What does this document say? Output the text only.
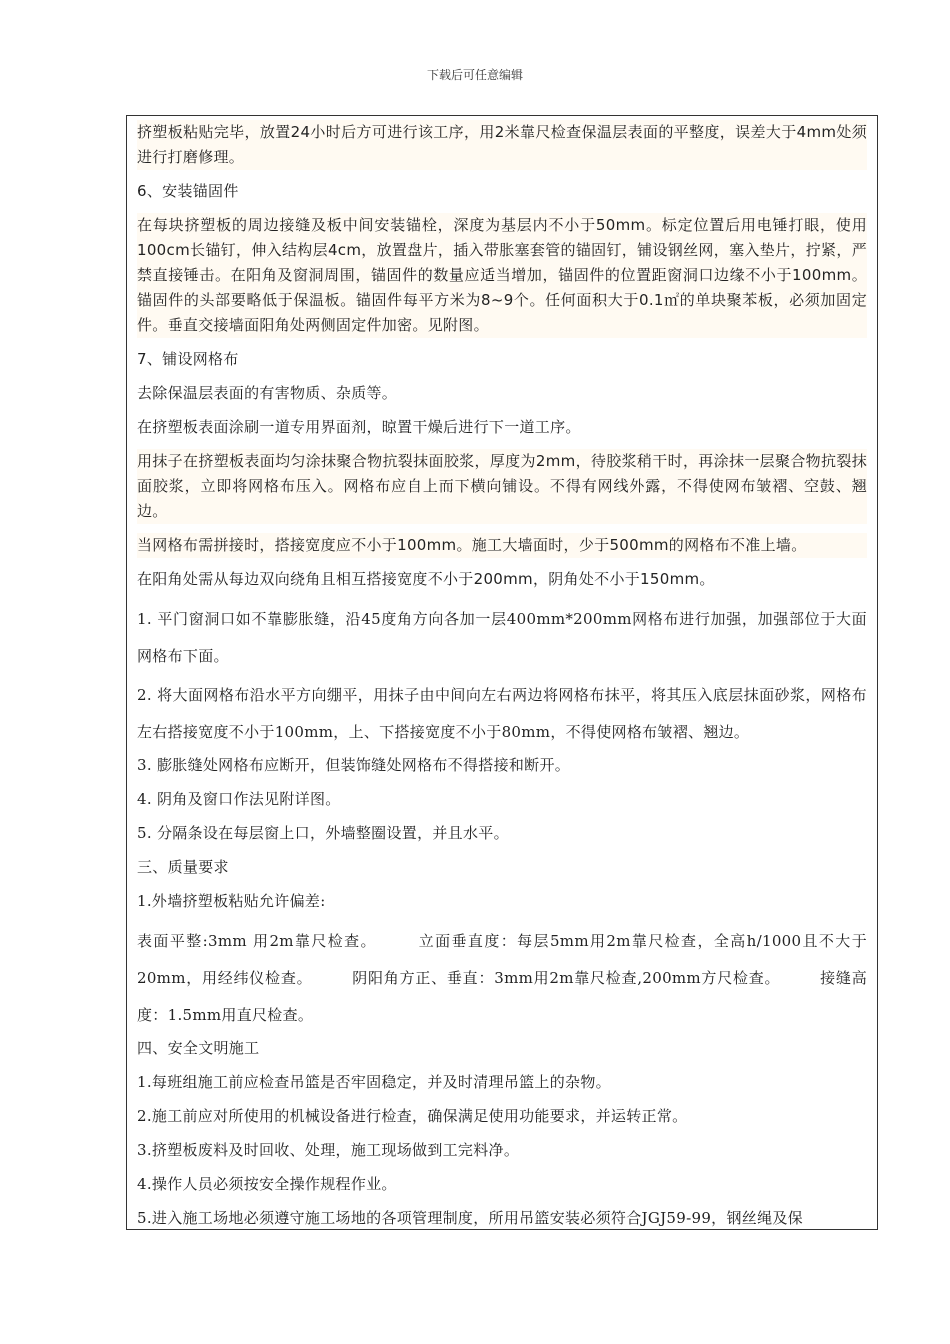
下载后可任意编辑

挤塑板粘贴完毕，放置24小时后方可进行该工序，用2米靠尺检查保温层表面的平整度，误差大于4mm处须进行打磨修理。

6、安装锚固件

在每块挤塑板的周边接缝及板中间安装锚栓，深度为基层内不小于50mm。标定位置后用电锤打眼，使用100cm长锚钉，伸入结构层4cm，放置盘片，插入带胀塞套管的锚固钉，铺设钢丝网，塞入垫片，拧紧，严禁直接锤击。在阳角及窗洞周围，锚固件的数量应适当增加，锚固件的位置距窗洞口边缘不小于100mm。锚固件的头部要略低于保温板。锚固件每平方米为8~9个。任何面积大于0.1㎡的单块聚苯板，必须加固定件。垂直交接墙面阳角处两侧固定件加密。见附图。

7、铺设网格布

去除保温层表面的有害物质、杂质等。

在挤塑板表面涂刷一道专用界面剂，晾置干燥后进行下一道工序。

用抹子在挤塑板表面均匀涂抹聚合物抗裂抹面胶浆，厚度为2mm，待胶浆稍干时，再涂抹一层聚合物抗裂抹面胶浆，立即将网格布压入。网格布应自上而下横向铺设。不得有网线外露，不得使网布皱褶、空鼓、翘边。

当网格布需拼接时，搭接宽度应不小于100mm。施工大墙面时，少于500mm的网格布不准上墙。

在阳角处需从每边双向绕角且相互搭接宽度不小于200mm，阴角处不小于150mm。

1. 平门窗洞口如不靠膨胀缝，沿45度角方向各加一层400mm*200mm网格布进行加强，加强部位于大面网格布下面。

2. 将大面网格布沿水平方向绷平，用抹子由中间向左右两边将网格布抹平，将其压入底层抹面砂浆，网格布左右搭接宽度不小于100mm，上、下搭接宽度不小于80mm，不得使网格布皱褶、翘边。

3. 膨胀缝处网格布应断开，但装饰缝处网格布不得搭接和断开。

4. 阴角及窗口作法见附详图。

5. 分隔条设在每层窗上口，外墙整圈设置，并且水平。

三、质量要求

1.外墙挤塑板粘贴允许偏差:

表面平整:3mm 用2m靠尺检查。　　　立面垂直度：每层5mm用2m靠尺检查，全高h/1000且不大于20mm，用经纬仪检查。　　　阴阳角方正、垂直：3mm用2m靠尺检查,200mm方尺检查。　　　接缝高度：1.5mm用直尺检查。

四、安全文明施工

1.每班组施工前应检查吊篮是否牢固稳定，并及时清理吊篮上的杂物。

2.施工前应对所使用的机械设备进行检查，确保满足使用功能要求，并运转正常。

3.挤塑板废料及时回收、处理，施工现场做到工完料净。

4.操作人员必须按安全操作规程作业。

5.进入施工场地必须遵守施工场地的各项管理制度，所用吊篮安装必须符合JGJ59-99，钢丝绳及保
